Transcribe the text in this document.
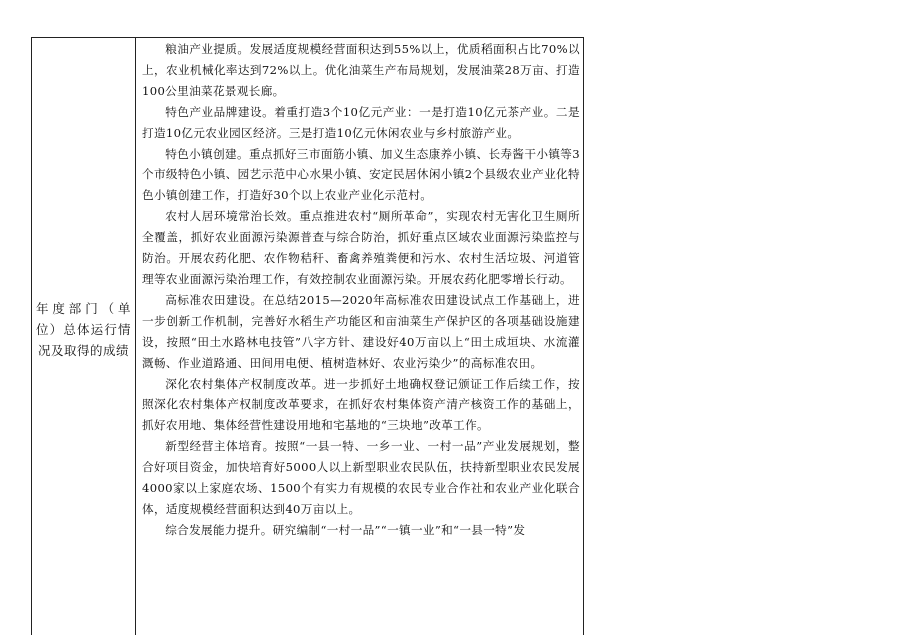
年度部门（单位）总体运行情况及取得的成绩

粮油产业提质。发展适度规模经营面积达到55%以上，优质稻面积占比70%以上，农业机械化率达到72%以上。优化油菜生产布局规划，发展油菜28万亩、打造100公里油菜花景观长廊。

特色产业品牌建设。着重打造3个10亿元产业：一是打造10亿元茶产业。二是打造10亿元农业园区经济。三是打造10亿元休闲农业与乡村旅游产业。

特色小镇创建。重点抓好三市面筋小镇、加义生态康养小镇、长寿酱干小镇等3个市级特色小镇、园艺示范中心水果小镇、安定民居休闲小镇2个县级农业产业化特色小镇创建工作，打造好30个以上农业产业化示范村。

农村人居环境常治长效。重点推进农村“厕所革命”，实现农村无害化卫生厕所全覆盖，抓好农业面源污染源普查与综合防治，抓好重点区域农业面源污染监控与防治。开展农药化肥、农作物秸秆、畜禽养殖粪便和污水、农村生活垃圾、河道管理等农业面源污染治理工作，有效控制农业面源污染。开展农药化肥零增长行动。

高标准农田建设。在总结2015—2020年高标准农田建设试点工作基础上，进一步创新工作机制，完善好水稻生产功能区和亩油菜生产保护区的各项基础设施建设，按照“田土水路林电技管”八字方针、建设好40万亩以上“田土成垣块、水流灌溉畅、作业道路通、田间用电便、植树造林好、农业污染少”的高标准农田。

深化农村集体产权制度改革。进一步抓好土地确权登记颁证工作后续工作，按照深化农村集体产权制度改革要求，在抓好农村集体资产清产核资工作的基础上，抓好农用地、集体经营性建设用地和宅基地的“三块地”改革工作。

新型经营主体培育。按照“一县一特、一乡一业、一村一品”产业发展规划，整合好项目资金，加快培育好5000人以上新型职业农民队伍，扶持新型职业农民发展4000家以上家庭农场、1500个有实力有规模的农民专业合作社和农业产业化联合体，适度规模经营面积达到40万亩以上。

综合发展能力提升。研究编制“一村一品”“一镇一业”和“一县一特”发
